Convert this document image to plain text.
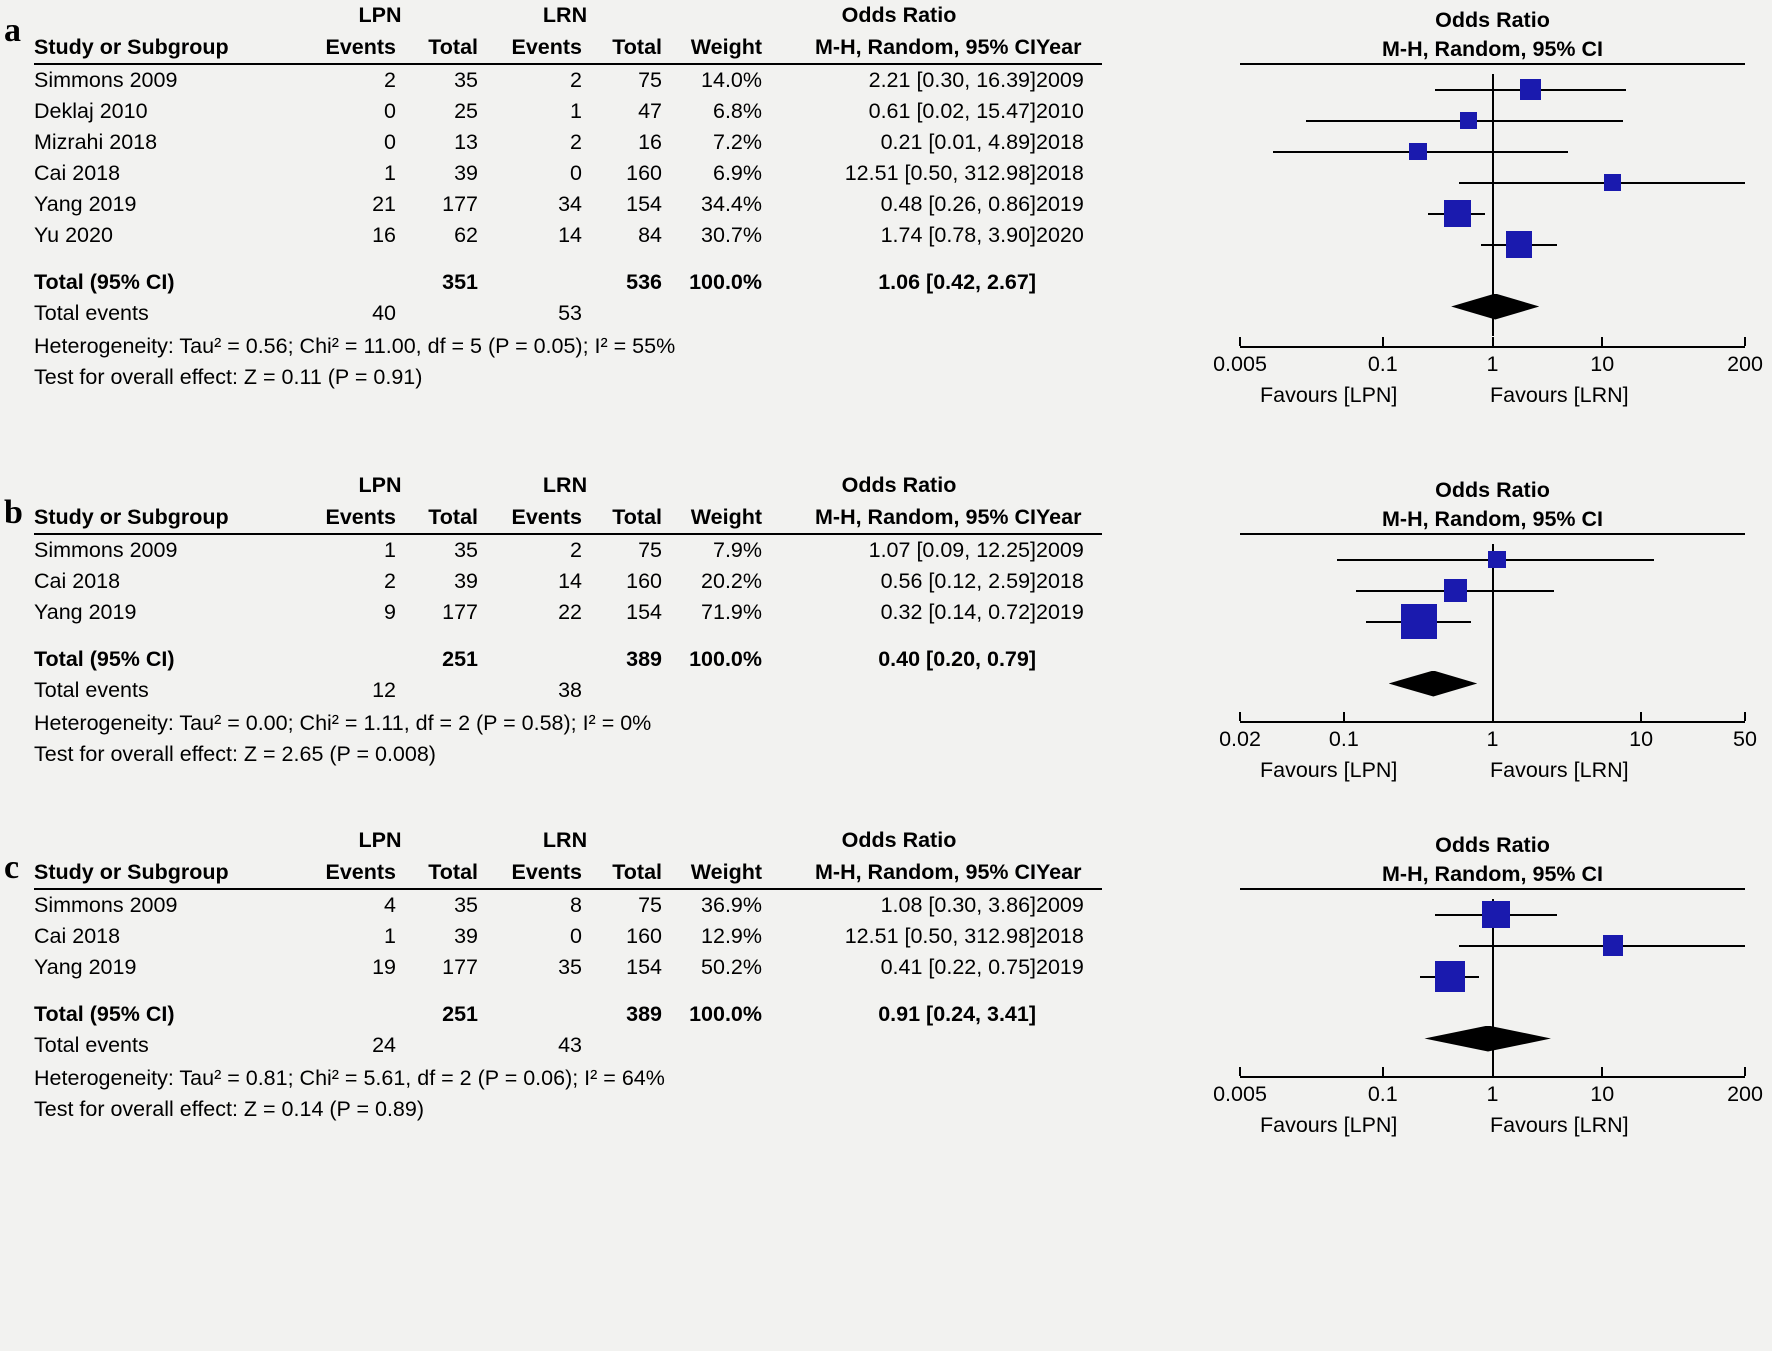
a
		LPN		LRN			Odds Ratio	
Study or Subgroup	Events	Total	Events	Total	Weight	M-H, Random, 95% CI	Year
Simmons 2009	2	35	2	75	14.0%	2.21 [0.30, 16.39]	2009
Deklaj 2010	0	25	1	47	6.8%	0.61 [0.02, 15.47]	2010
Mizrahi 2018	0	13	2	16	7.2%	0.21 [0.01, 4.89]	2018
Cai 2018	1	39	0	160	6.9%	12.51 [0.50, 312.98]	2018
Yang 2019	21	177	34	154	34.4%	0.48 [0.26, 0.86]	2019
Yu 2020	16	62	14	84	30.7%	1.74 [0.78, 3.90]	2020

Total (95% CI)		351		536	100.0%	1.06 [0.42, 2.67]	
Total events	40		53				
Heterogeneity: Tau² = 0.56; Chi² = 11.00, df = 5 (P = 0.05); I² = 55%							
Test for overall effect: Z = 0.11 (P = 0.91)							
Odds Ratio
M-H, Random, 95% CI
0.005	0.1	1	10	200
Favours [LPN]	Favours [LRN]
b
	LPN		LRN			Odds Ratio	
Study or Subgroup	Events	Total	Events	Total	Weight	M-H, Random, 95% CI	Year
Simmons 2009	1	35	2	75	7.9%	1.07 [0.09, 12.25]	2009
Cai 2018	2	39	14	160	20.2%	0.56 [0.12, 2.59]	2018
Yang 2019	9	177	22	154	71.9%	0.32 [0.14, 0.72]	2019

Total (95% CI)		251		389	100.0%	0.40 [0.20, 0.79]	
Total events	12		38				
Heterogeneity: Tau² = 0.00; Chi² = 1.11, df = 2 (P = 0.58); I² = 0%							
Test for overall effect: Z = 2.65 (P = 0.008)							
Odds Ratio
M-H, Random, 95% CI
0.02	0.1	1	10	50
Favours [LPN]	Favours [LRN]
c
	LPN		LRN			Odds Ratio	
Study or Subgroup	Events	Total	Events	Total	Weight	M-H, Random, 95% CI	Year
Simmons 2009	4	35	8	75	36.9%	1.08 [0.30, 3.86]	2009
Cai 2018	1	39	0	160	12.9%	12.51 [0.50, 312.98]	2018
Yang 2019	19	177	35	154	50.2%	0.41 [0.22, 0.75]	2019

Total (95% CI)		251		389	100.0%	0.91 [0.24, 3.41]	
Total events	24		43				
Heterogeneity: Tau² = 0.81; Chi² = 5.61, df = 2 (P = 0.06); I² = 64%							
Test for overall effect: Z = 0.14 (P = 0.89)							
Odds Ratio
M-H, Random, 95% CI
0.005	0.1	1	10	200
Favours [LPN]	Favours [LRN]
